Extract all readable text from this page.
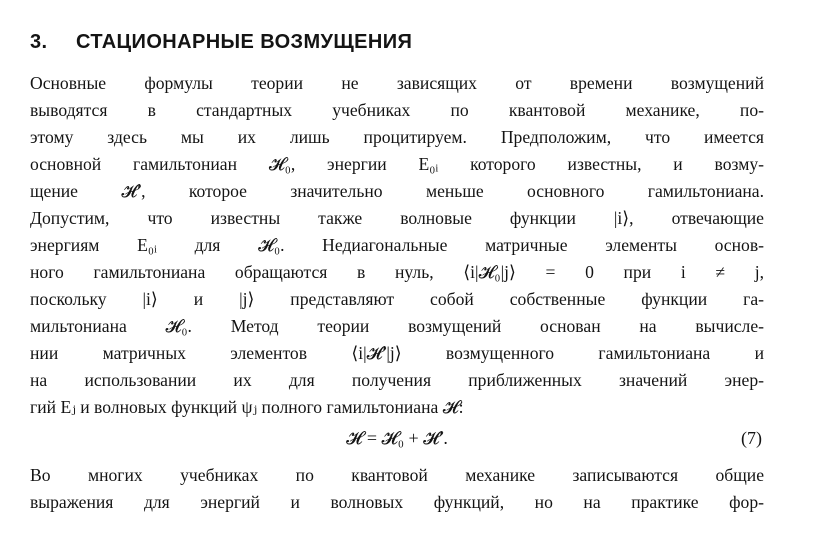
3. СТАЦИОНАРНЫЕ ВОЗМУЩЕНИЯ
Основные формулы теории не зависящих от времени возмущений
выводятся в стандартных учебниках по квантовой механике, по-
этому здесь мы их лишь процитируем. Предположим, что имеется
основной гамильтониан 𝓗₀, энергии E₀ᵢ которого известны, и возму-
щение 𝓗′, которое значительно меньше основного гамильтониана.
Допустим, что известны также волновые функции |i⟩, отвечающие
энергиям E₀ᵢ для 𝓗₀. Недиагональные матричные элементы основ-
ного гамильтониана обращаются в нуль, ⟨i|𝓗₀|j⟩ = 0 при i ≠ j,
поскольку |i⟩ и |j⟩ представляют собой собственные функции га-
мильтониана 𝓗₀. Метод теории возмущений основан на вычисле-
нии матричных элементов ⟨i|𝓗′|j⟩ возмущенного гамильтониана и
на использовании их для получения приближенных значений энер-
гий Eⱼ и волновых функций ψⱼ полного гамильтониана 𝓗:
𝓗 = 𝓗₀ + 𝓗′.	(7)
Во многих учебниках по квантовой механике записываются общие
выражения для энергий и волновых функций, но на практике фор-
